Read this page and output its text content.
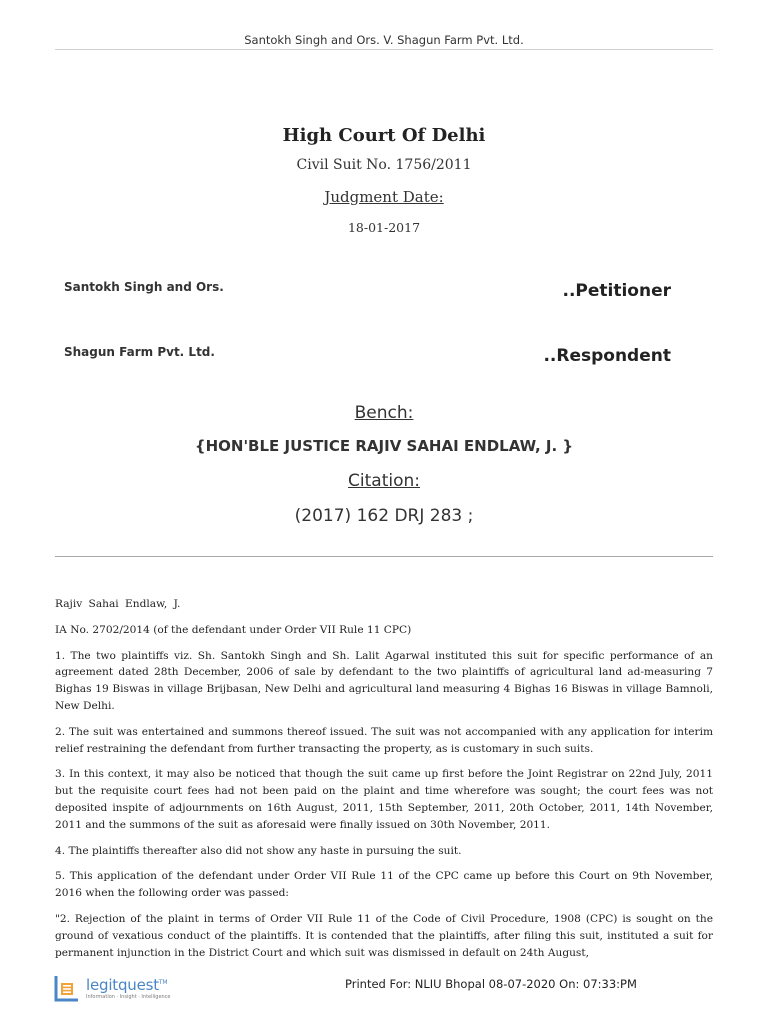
Santokh Singh and Ors. V. Shagun Farm Pvt. Ltd.
High Court Of Delhi
Civil Suit No. 1756/2011
Judgment Date:
18-01-2017
Santokh Singh and Ors.	..Petitioner
Shagun Farm Pvt. Ltd.	..Respondent
Bench:
{HON'BLE JUSTICE RAJIV SAHAI ENDLAW, J. }
Citation:
(2017) 162 DRJ 283 ;

Rajiv Sahai Endlaw, J.

IA No. 2702/2014 (of the defendant under Order VII Rule 11 CPC)

1. The two plaintiffs viz. Sh. Santokh Singh and Sh. Lalit Agarwal instituted this suit for specific performance of an agreement dated 28th December, 2006 of sale by defendant to the two plaintiffs of agricultural land ad-measuring 7 Bighas 19 Biswas in village Brijbasan, New Delhi and agricultural land measuring 4 Bighas 16 Biswas in village Bamnoli, New Delhi.

2. The suit was entertained and summons thereof issued. The suit was not accompanied with any application for interim relief restraining the defendant from further transacting the property, as is customary in such suits.

3. In this context, it may also be noticed that though the suit came up first before the Joint Registrar on 22nd July, 2011 but the requisite court fees had not been paid on the plaint and time wherefore was sought; the court fees was not deposited inspite of adjournments on 16th August, 2011, 15th September, 2011, 20th October, 2011, 14th November, 2011 and the summons of the suit as aforesaid were finally issued on 30th November, 2011.

4. The plaintiffs thereafter also did not show any haste in pursuing the suit.

5. This application of the defendant under Order VII Rule 11 of the CPC came up before this Court on 9th November, 2016 when the following order was passed:

"2. Rejection of the plaint in terms of Order VII Rule 11 of the Code of Civil Procedure, 1908 (CPC) is sought on the ground of vexatious conduct of the plaintiffs. It is contended that the plaintiffs, after filing this suit, instituted a suit for permanent injunction in the District Court and which suit was dismissed in default on 24th August,

legitquest™
Information · Insight · Intelligence
Printed For: NLIU Bhopal 08-07-2020 On: 07:33:PM
